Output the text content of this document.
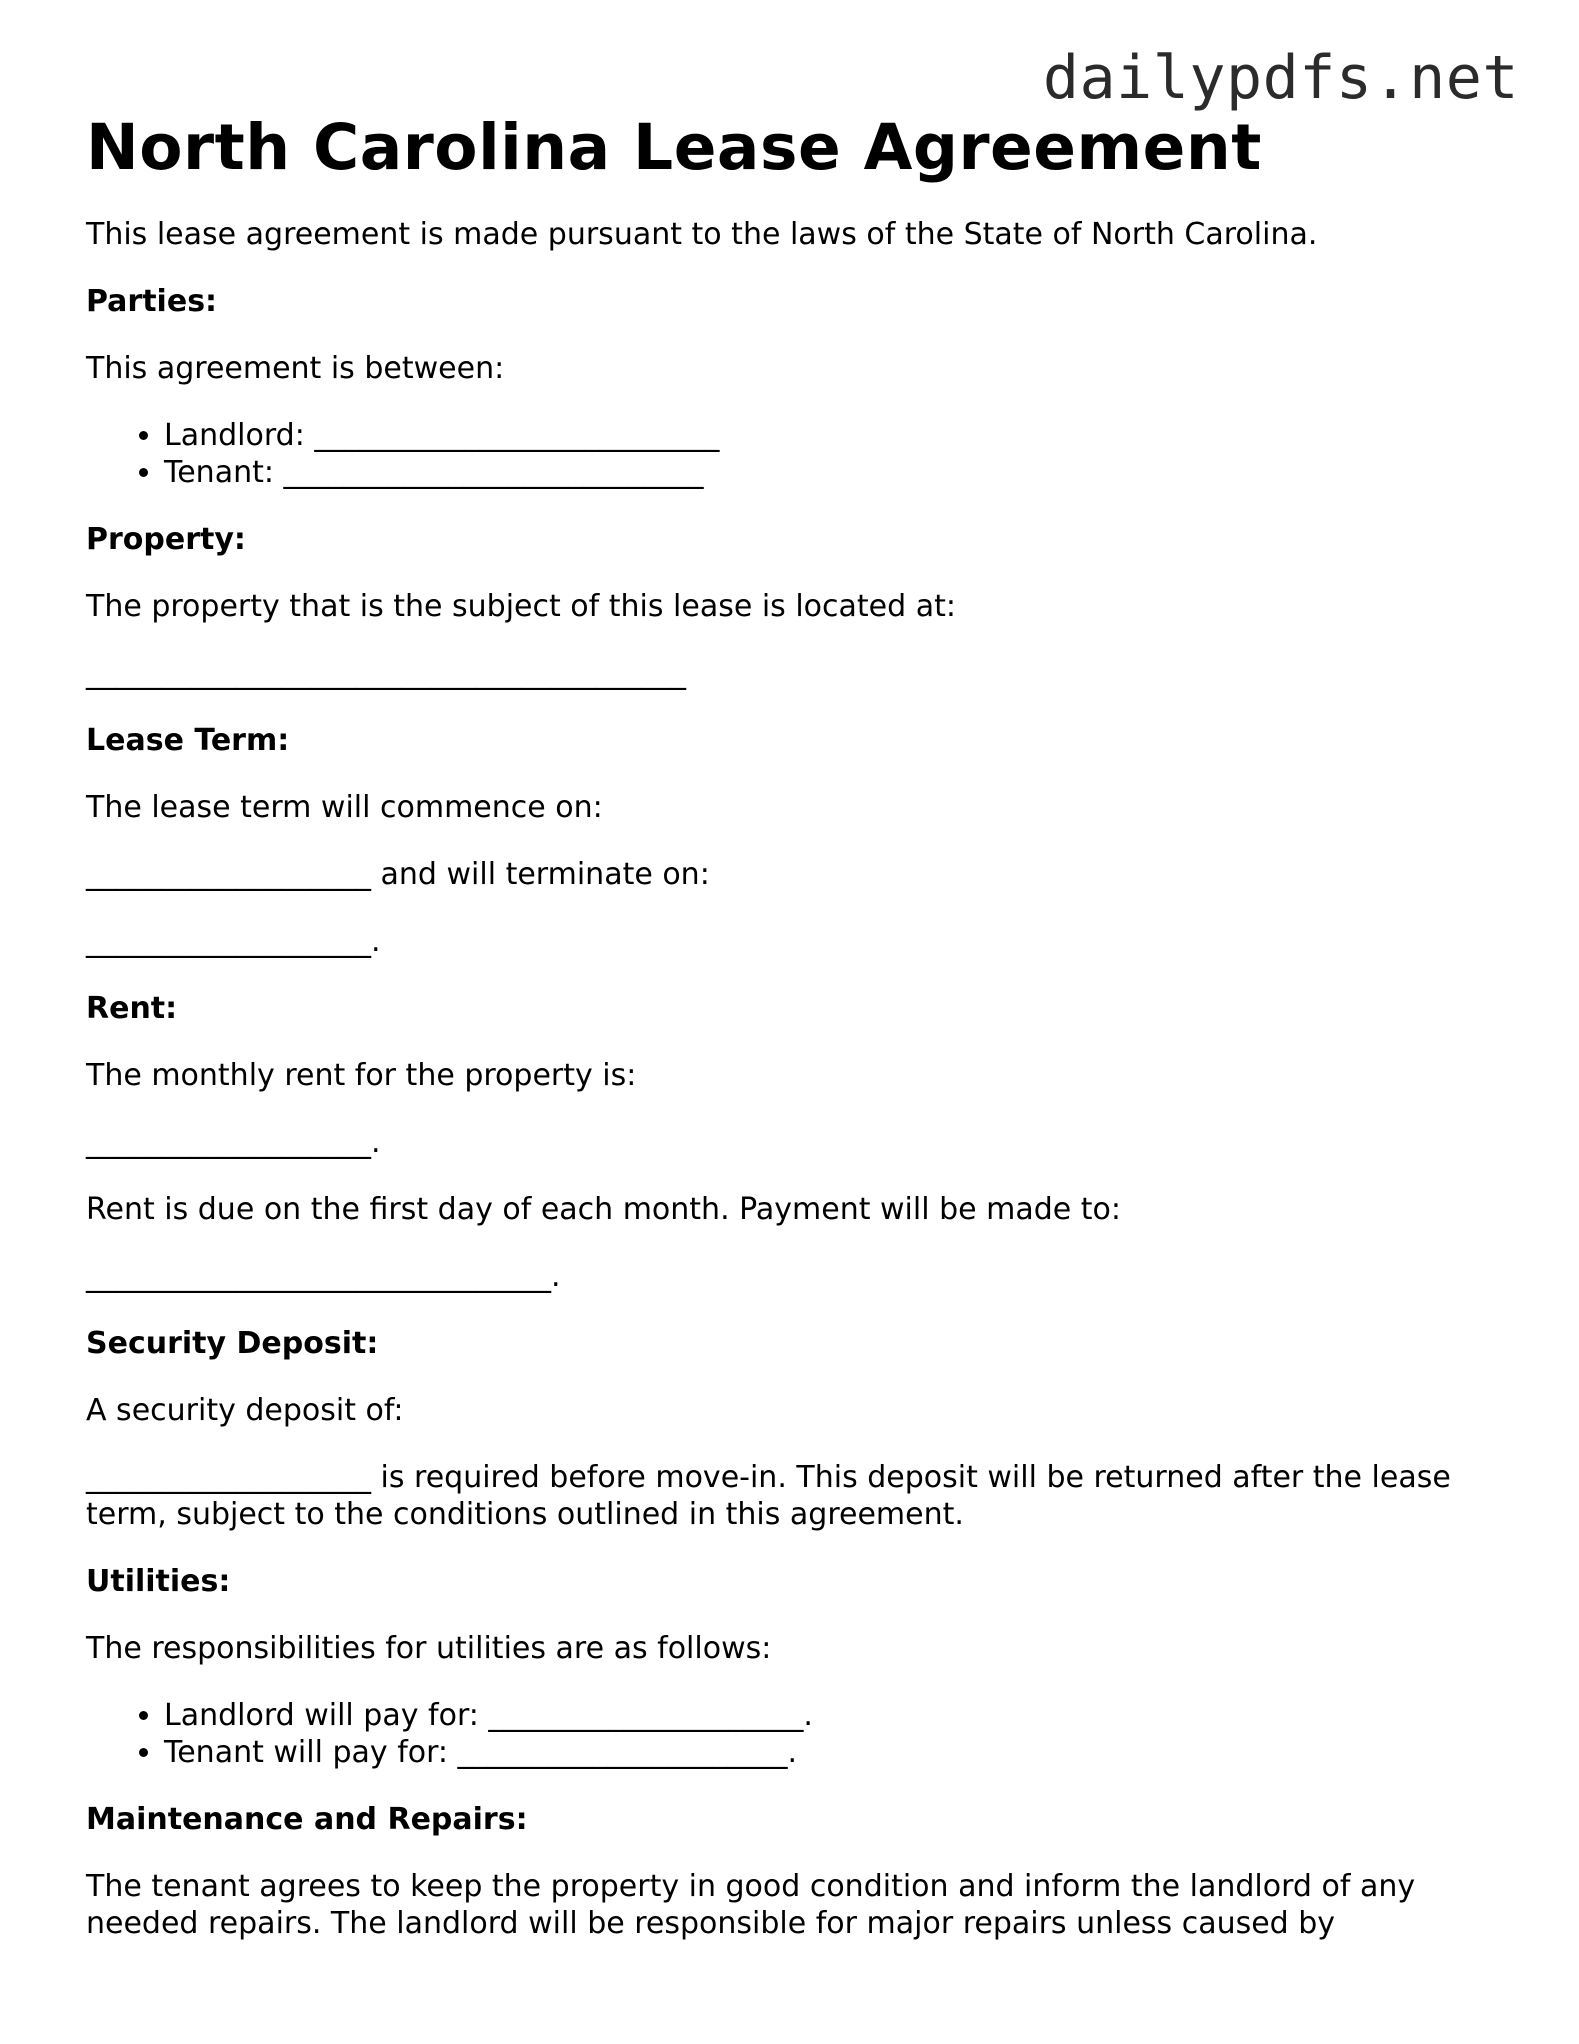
dailypdfs.net
North Carolina Lease Agreement

This lease agreement is made pursuant to the laws of the State of North Carolina.

Parties:

This agreement is between:

• Landlord: ___________________________
• Tenant: ____________________________

Property:

The property that is the subject of this lease is located at:

________________________________________

Lease Term:

The lease term will commence on:

___________________ and will terminate on:

___________________.

Rent:

The monthly rent for the property is:

___________________.

Rent is due on the first day of each month. Payment will be made to:

_______________________________.

Security Deposit:

A security deposit of:

___________________ is required before move-in. This deposit will be returned after the lease term, subject to the conditions outlined in this agreement.

Utilities:

The responsibilities for utilities are as follows:

• Landlord will pay for: _____________________.
• Tenant will pay for: ______________________.

Maintenance and Repairs:

The tenant agrees to keep the property in good condition and inform the landlord of any needed repairs. The landlord will be responsible for major repairs unless caused by
